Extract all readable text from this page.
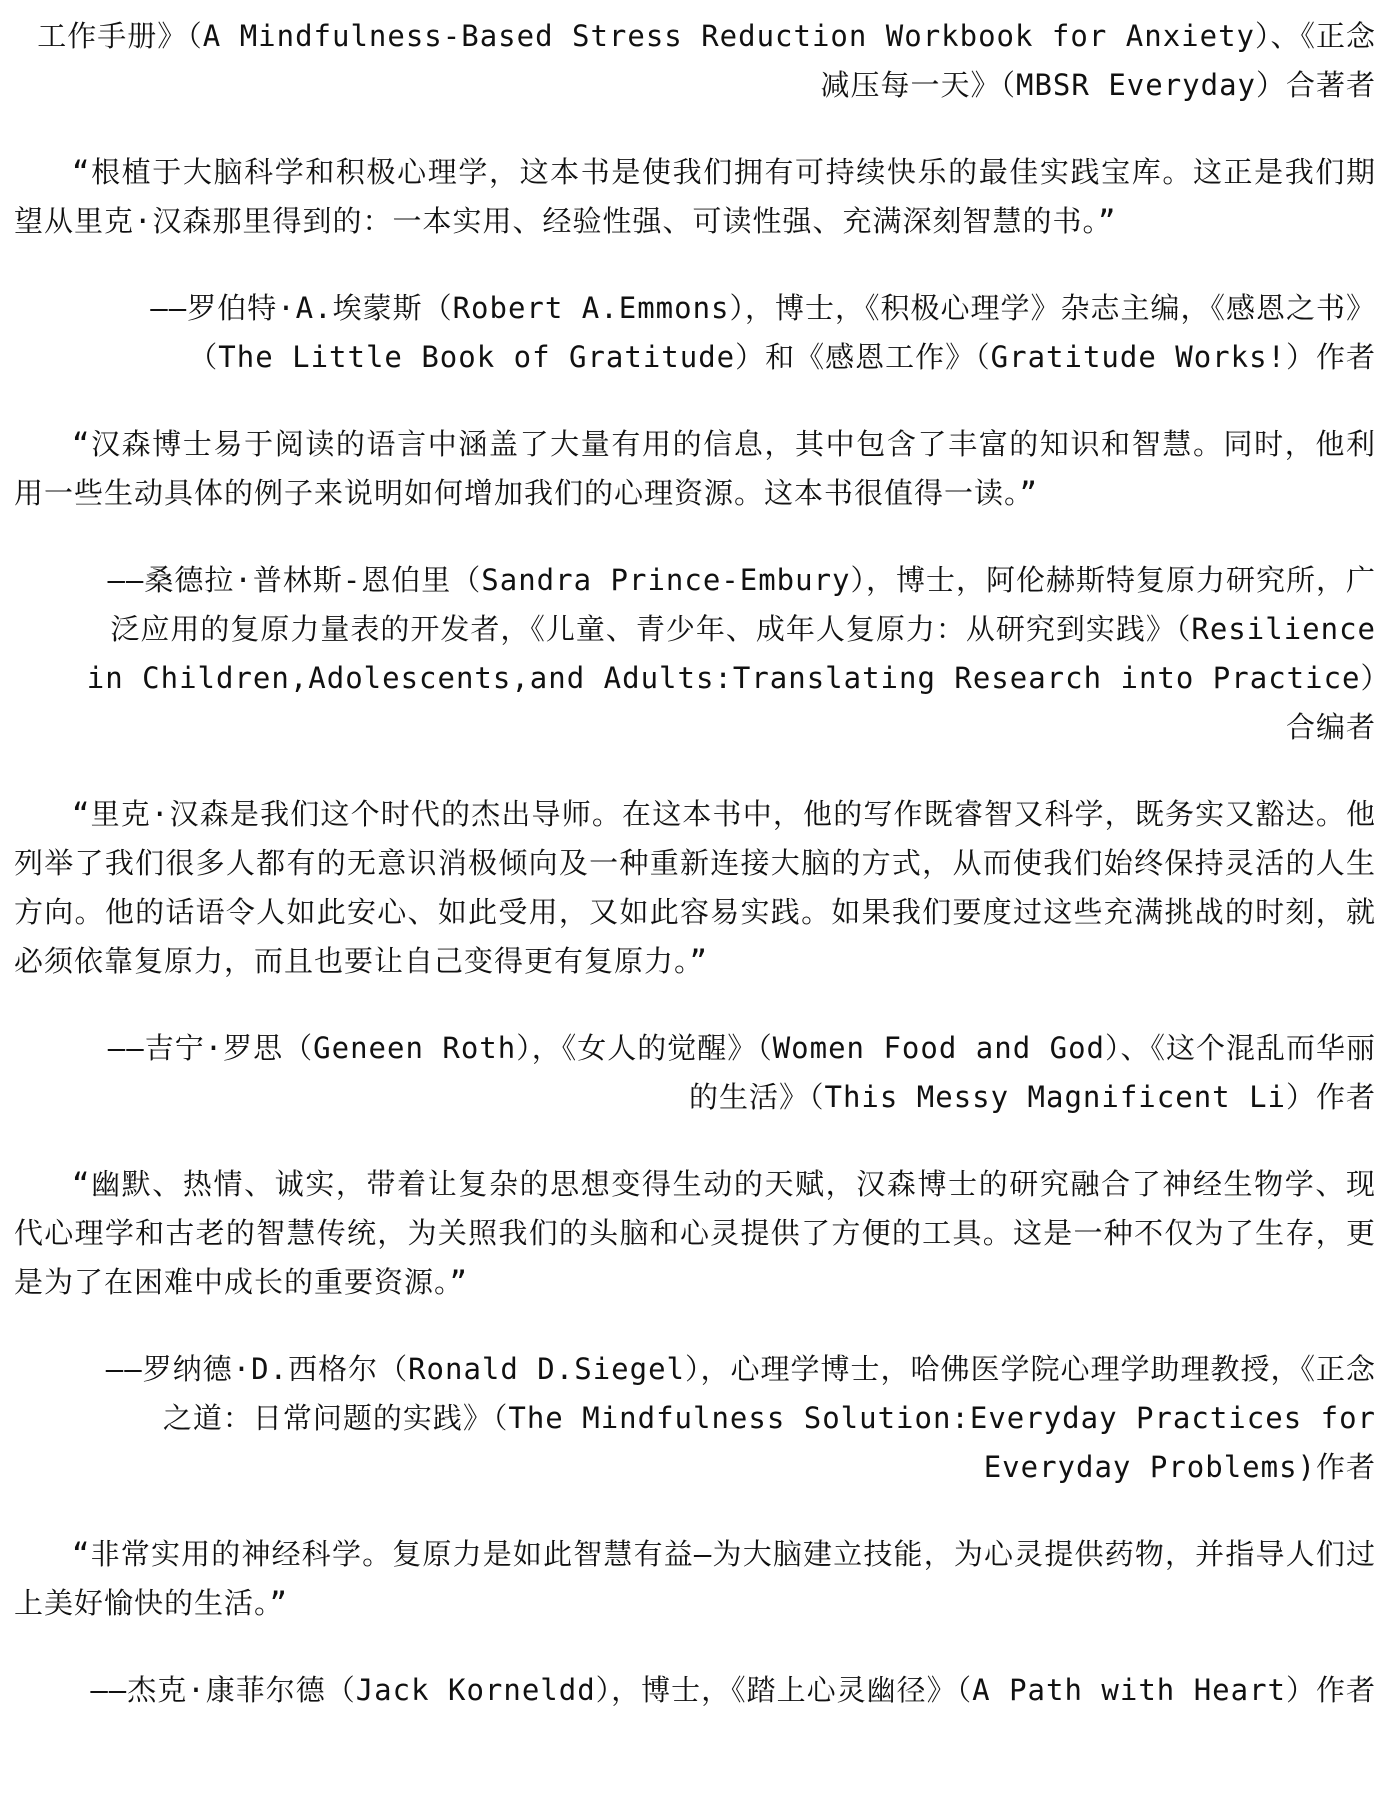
工作手册》（A Mindfulness-Based Stress Reduction Workbook for Anxiety）、《正念减压每一天》（MBSR Everyday）合著者

“根植于大脑科学和积极心理学，这本书是使我们拥有可持续快乐的最佳实践宝库。这正是我们期望从里克·汉森那里得到的：一本实用、经验性强、可读性强、充满深刻智慧的书。”

——罗伯特·A.埃蒙斯（Robert A.Emmons），博士，《积极心理学》杂志主编，《感恩之书》（The Little Book of Gratitude）和《感恩工作》（Gratitude Works!）作者

“汉森博士易于阅读的语言中涵盖了大量有用的信息，其中包含了丰富的知识和智慧。同时，他利用一些生动具体的例子来说明如何增加我们的心理资源。这本书很值得一读。”

——桑德拉·普林斯-恩伯里（Sandra Prince-Embury），博士，阿伦赫斯特复原力研究所，广泛应用的复原力量表的开发者，《儿童、青少年、成年人复原力：从研究到实践》（Resilience in Children,Adolescents,and Adults:Translating Research into Practice）合编者

“里克·汉森是我们这个时代的杰出导师。在这本书中，他的写作既睿智又科学，既务实又豁达。他列举了我们很多人都有的无意识消极倾向及一种重新连接大脑的方式，从而使我们始终保持灵活的人生方向。他的话语令人如此安心、如此受用，又如此容易实践。如果我们要度过这些充满挑战的时刻，就必须依靠复原力，而且也要让自己变得更有复原力。”

——吉宁·罗思（Geneen Roth），《女人的觉醒》（Women Food and God）、《这个混乱而华丽的生活》（This Messy Magnificent Li）作者

“幽默、热情、诚实，带着让复杂的思想变得生动的天赋，汉森博士的研究融合了神经生物学、现代心理学和古老的智慧传统，为关照我们的头脑和心灵提供了方便的工具。这是一种不仅为了生存，更是为了在困难中成长的重要资源。”

——罗纳德·D.西格尔（Ronald D.Siegel），心理学博士，哈佛医学院心理学助理教授，《正念之道：日常问题的实践》（The Mindfulness Solution:Everyday Practices for Everyday Problems)作者

“非常实用的神经科学。复原力是如此智慧有益—为大脑建立技能，为心灵提供药物，并指导人们过上美好愉快的生活。”

——杰克·康菲尔德（Jack Korneldd），博士，《踏上心灵幽径》（A Path with Heart）作者
